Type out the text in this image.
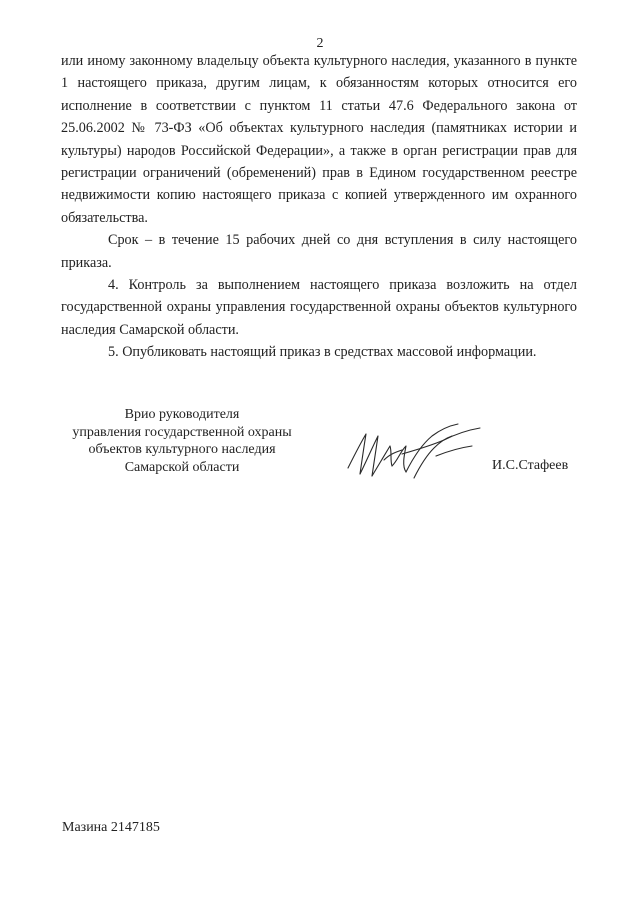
2

или иному законному владельцу объекта культурного наследия, указанного в пункте 1 настоящего приказа, другим лицам, к обязанностям которых относится его исполнение в соответствии с пунктом 11 статьи 47.6 Федерального закона от 25.06.2002 № 73-ФЗ «Об объектах культурного наследия (памятниках истории и культуры) народов Российской Федерации», а также в орган регистрации прав для регистрации ограничений (обременений) прав в Едином государственном реестре недвижимости копию настоящего приказа с копией утвержденного им охранного обязательства.

Срок – в течение 15 рабочих дней со дня вступления в силу настоящего приказа.

4. Контроль за выполнением настоящего приказа возложить на отдел государственной охраны управления государственной охраны объектов культурного наследия Самарской области.

5. Опубликовать настоящий приказ в средствах массовой информации.

Врио руководителя
управления государственной охраны
объектов культурного наследия
Самарской области	И.С.Стафеев
Мазина 2147185
